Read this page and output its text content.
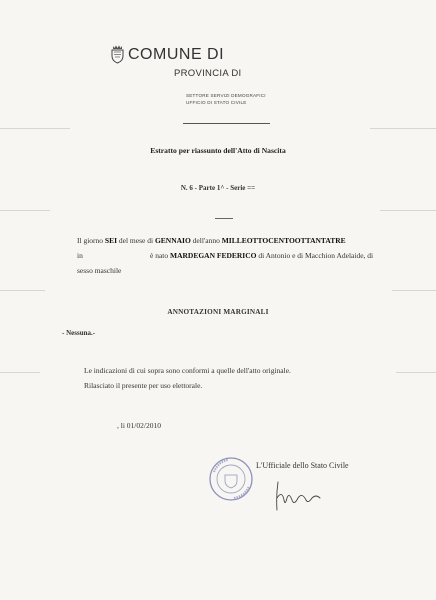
COMUNE DI
PROVINCIA DI
SETTORE SERVIZI DEMOGRAFICI
UFFICIO DI STATO CIVILE
Estratto per riassunto dell'Atto di Nascita
N. 6 - Parte 1^ - Serie ==
Il giorno SEI del mese di GENNAIO dell'anno MILLEOTTOCENTOOTTANTATRE
in	è nato MARDEGAN FEDERICO di Antonio e di Macchion Adelaide, di
sesso maschile
ANNOTAZIONI MARGINALI
- Nessuna.-
Le indicazioni di cui sopra sono conformi a quelle dell'atto originale.
Rilasciato il presente per uso elettorale.
, li 01/02/2010
L'Ufficiale dello Stato Civile
